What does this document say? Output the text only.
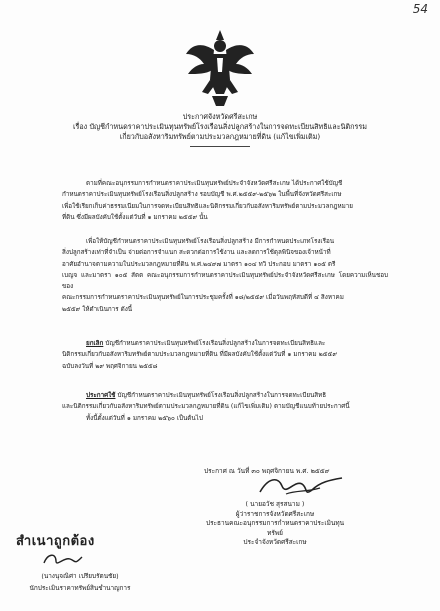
54
ประกาศจังหวัดศรีสะเกษ
เรื่อง บัญชีกำหนดราคาประเมินทุนทรัพย์โรงเรือนสิ่งปลูกสร้างในการจดทะเบียนสิทธิและนิติกรรม
เกี่ยวกับอสังหาริมทรัพย์ตามประมวลกฎหมายที่ดิน (แก้ไขเพิ่มเติม)
ตามที่คณะอนุกรรมการกำหนดราคาประเมินทุนทรัพย์ประจำจังหวัดศรีสะเกษ ได้ประกาศใช้บัญชี
กำหนดราคาประเมินทุนทรัพย์โรงเรือนสิ่งปลูกสร้าง รอบบัญชี พ.ศ.๒๕๕๙-๒๕๖๒ ในพื้นที่จังหวัดศรีสะเกษ
เพื่อใช้เรียกเก็บค่าธรรมเนียมในการจดทะเบียนสิทธิและนิติกรรมเกี่ยวกับอสังหาริมทรัพย์ตามประมวลกฎหมาย
ที่ดิน ซึ่งมีผลบังคับใช้ตั้งแต่วันที่ ๑ มกราคม ๒๕๕๙ นั้น
เพื่อให้บัญชีกำหนดราคาประเมินทุนทรัพย์โรงเรือนสิ่งปลูกสร้าง มีการกำหนดประเภทโรงเรือน
สิ่งปลูกสร้างเท่าที่จำเป็น จ่ายต่อการจำแนก สะดวกต่อการใช้งาน และลดการใช้ดุลพินิจของเจ้าหน้าที่
อาศัยอำนาจตามความในประมวลกฎหมายที่ดิน พ.ศ.๒๔๙๗ มาตรา ๑๐๔ ทวิ ประกอบ มาตรา ๑๐๕ ตรี
เบญจ และมาตรา ๑๐๕ สัตต คณะอนุกรรมการกำหนดราคาประเมินทุนทรัพย์ประจำจังหวัดศรีสะเกษ โดยความเห็นชอบของ
คณะกรรมการกำหนดราคาประเมินทุนทรัพย์ในการประชุมครั้งที่ ๑๘/๒๕๕๙ เมื่อวันพฤหัสบดีที่ ๔ สิงหาคม
๒๕๕๙ ให้ดำเนินการ ดังนี้
ยกเลิก บัญชีกำหนดราคาประเมินทุนทรัพย์โรงเรือนสิ่งปลูกสร้างในการจดทะเบียนสิทธิและ
นิติกรรมเกี่ยวกับอสังหาริมทรัพย์ตามประมวลกฎหมายที่ดิน ที่มีผลบังคับใช้ตั้งแต่วันที่ ๑ มกราคม ๒๕๕๙
ฉบับลงวันที่ ๒๙ พฤศจิกายน ๒๕๕๘
ประกาศใช้ บัญชีกำหนดราคาประเมินทุนทรัพย์โรงเรือนสิ่งปลูกสร้างในการจดทะเบียนสิทธิ
และนิติกรรมเกี่ยวกับอสังหาริมทรัพย์ตามประมวลกฎหมายที่ดิน (แก้ไขเพิ่มเติม) ตามบัญชีแนบท้ายประกาศนี้
ทั้งนี้ตั้งแต่วันที่ ๑ มกราคม ๒๕๖๐ เป็นต้นไป
ประกาศ ณ วันที่ ๓๐ พฤศจิกายน พ.ศ. ๒๕๕๙
( นายอวัช สุรสนาม )
ผู้ว่าราชการจังหวัดศรีสะเกษ
ประธานคณะอนุกรรมการกำหนดราคาประเมินทุนทรัพย์
ประจำจังหวัดศรีสะเกษ
สำเนาถูกต้อง
(นางนุจณิศา เปรียบรัตนชัย)
นักประเมินราคาทรัพย์สินชำนาญการ
